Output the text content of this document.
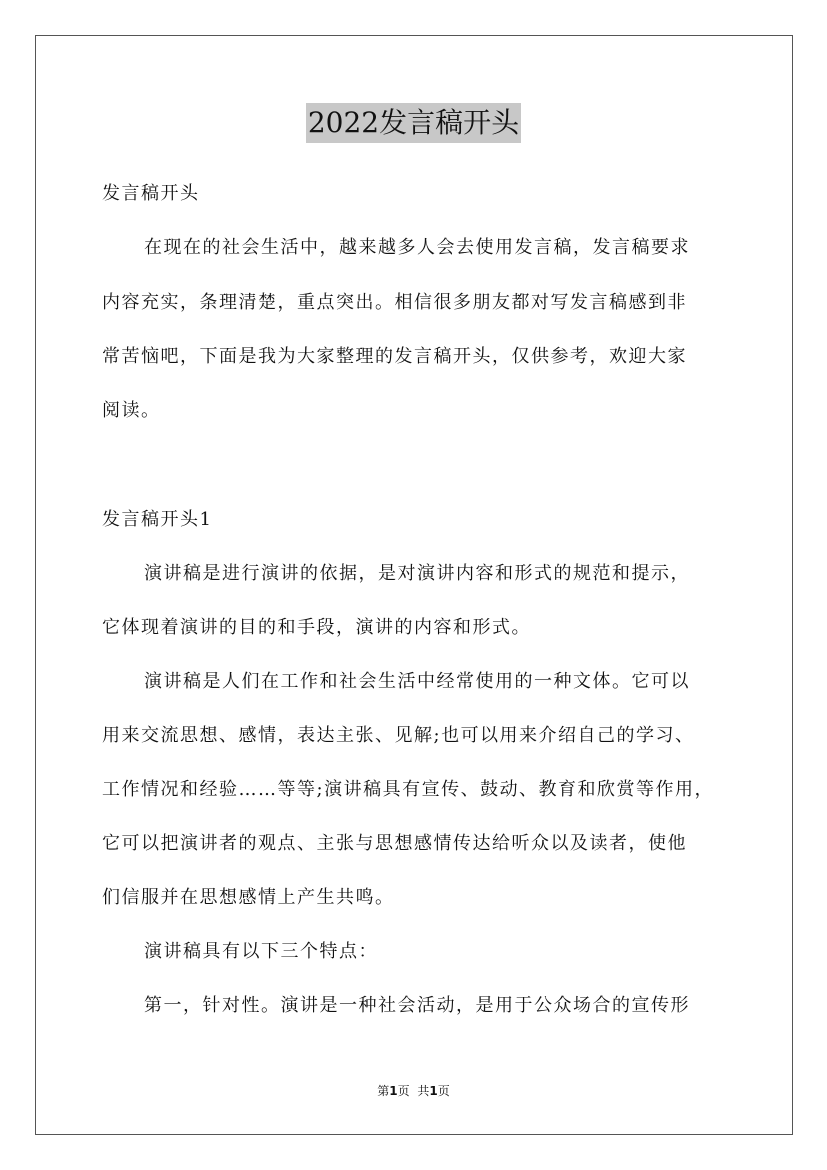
2022发言稿开头
发言稿开头
在现在的社会生活中，越来越多人会去使用发言稿，发言稿要求
内容充实，条理清楚，重点突出。相信很多朋友都对写发言稿感到非
常苦恼吧，下面是我为大家整理的发言稿开头，仅供参考，欢迎大家
阅读。
发言稿开头1
演讲稿是进行演讲的依据，是对演讲内容和形式的规范和提示，
它体现着演讲的目的和手段，演讲的内容和形式。
演讲稿是人们在工作和社会生活中经常使用的一种文体。它可以
用来交流思想、感情，表达主张、见解;也可以用来介绍自己的学习、
工作情况和经验……等等;演讲稿具有宣传、鼓动、教育和欣赏等作用，
它可以把演讲者的观点、主张与思想感情传达给听众以及读者，使他
们信服并在思想感情上产生共鸣。
演讲稿具有以下三个特点：
第一，针对性。演讲是一种社会活动，是用于公众场合的宣传形
第1页 共1页
